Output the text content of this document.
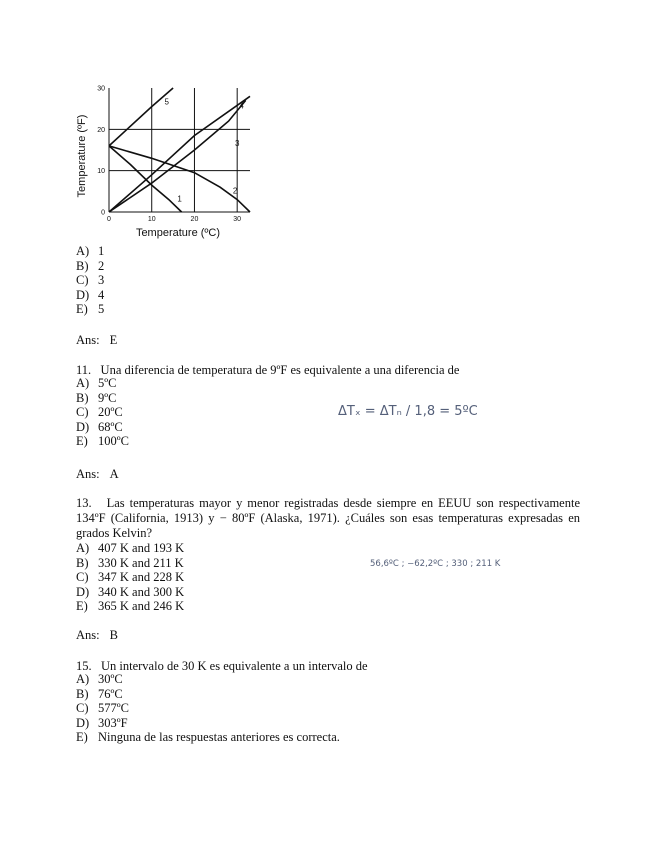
1
2
3
4
5
0	10	20	30
0
10
20
30
Temperature (ºC)
Temperature (ºF)
A) 1
B) 2
C) 3
D) 4
E) 5
Ans: E
11. Una diferencia de temperatura de 9ºF es equivalente a una diferencia de
A) 5ºC
B) 9ºC
C) 20ºC
D) 68ºC
E) 100ºC
ΔTₓ = ΔTₙ / 1,8 = 5ºC
Ans: A
13. Las temperaturas mayor y menor registradas desde siempre en EEUU son respectivamente 134ºF (California, 1913) y − 80ºF (Alaska, 1971). ¿Cuáles son esas temperaturas expresadas en grados Kelvin?
A) 407 K and 193 K
B) 330 K and 211 K
C) 347 K and 228 K
D) 340 K and 300 K
E) 365 K and 246 K
56,6ºC ; −62,2ºC ; 330 ; 211 K
Ans: B
15. Un intervalo de 30 K es equivalente a un intervalo de
A) 30ºC
B) 76ºC
C) 577ºC
D) 303ºF
E) Ninguna de las respuestas anteriores es correcta.
